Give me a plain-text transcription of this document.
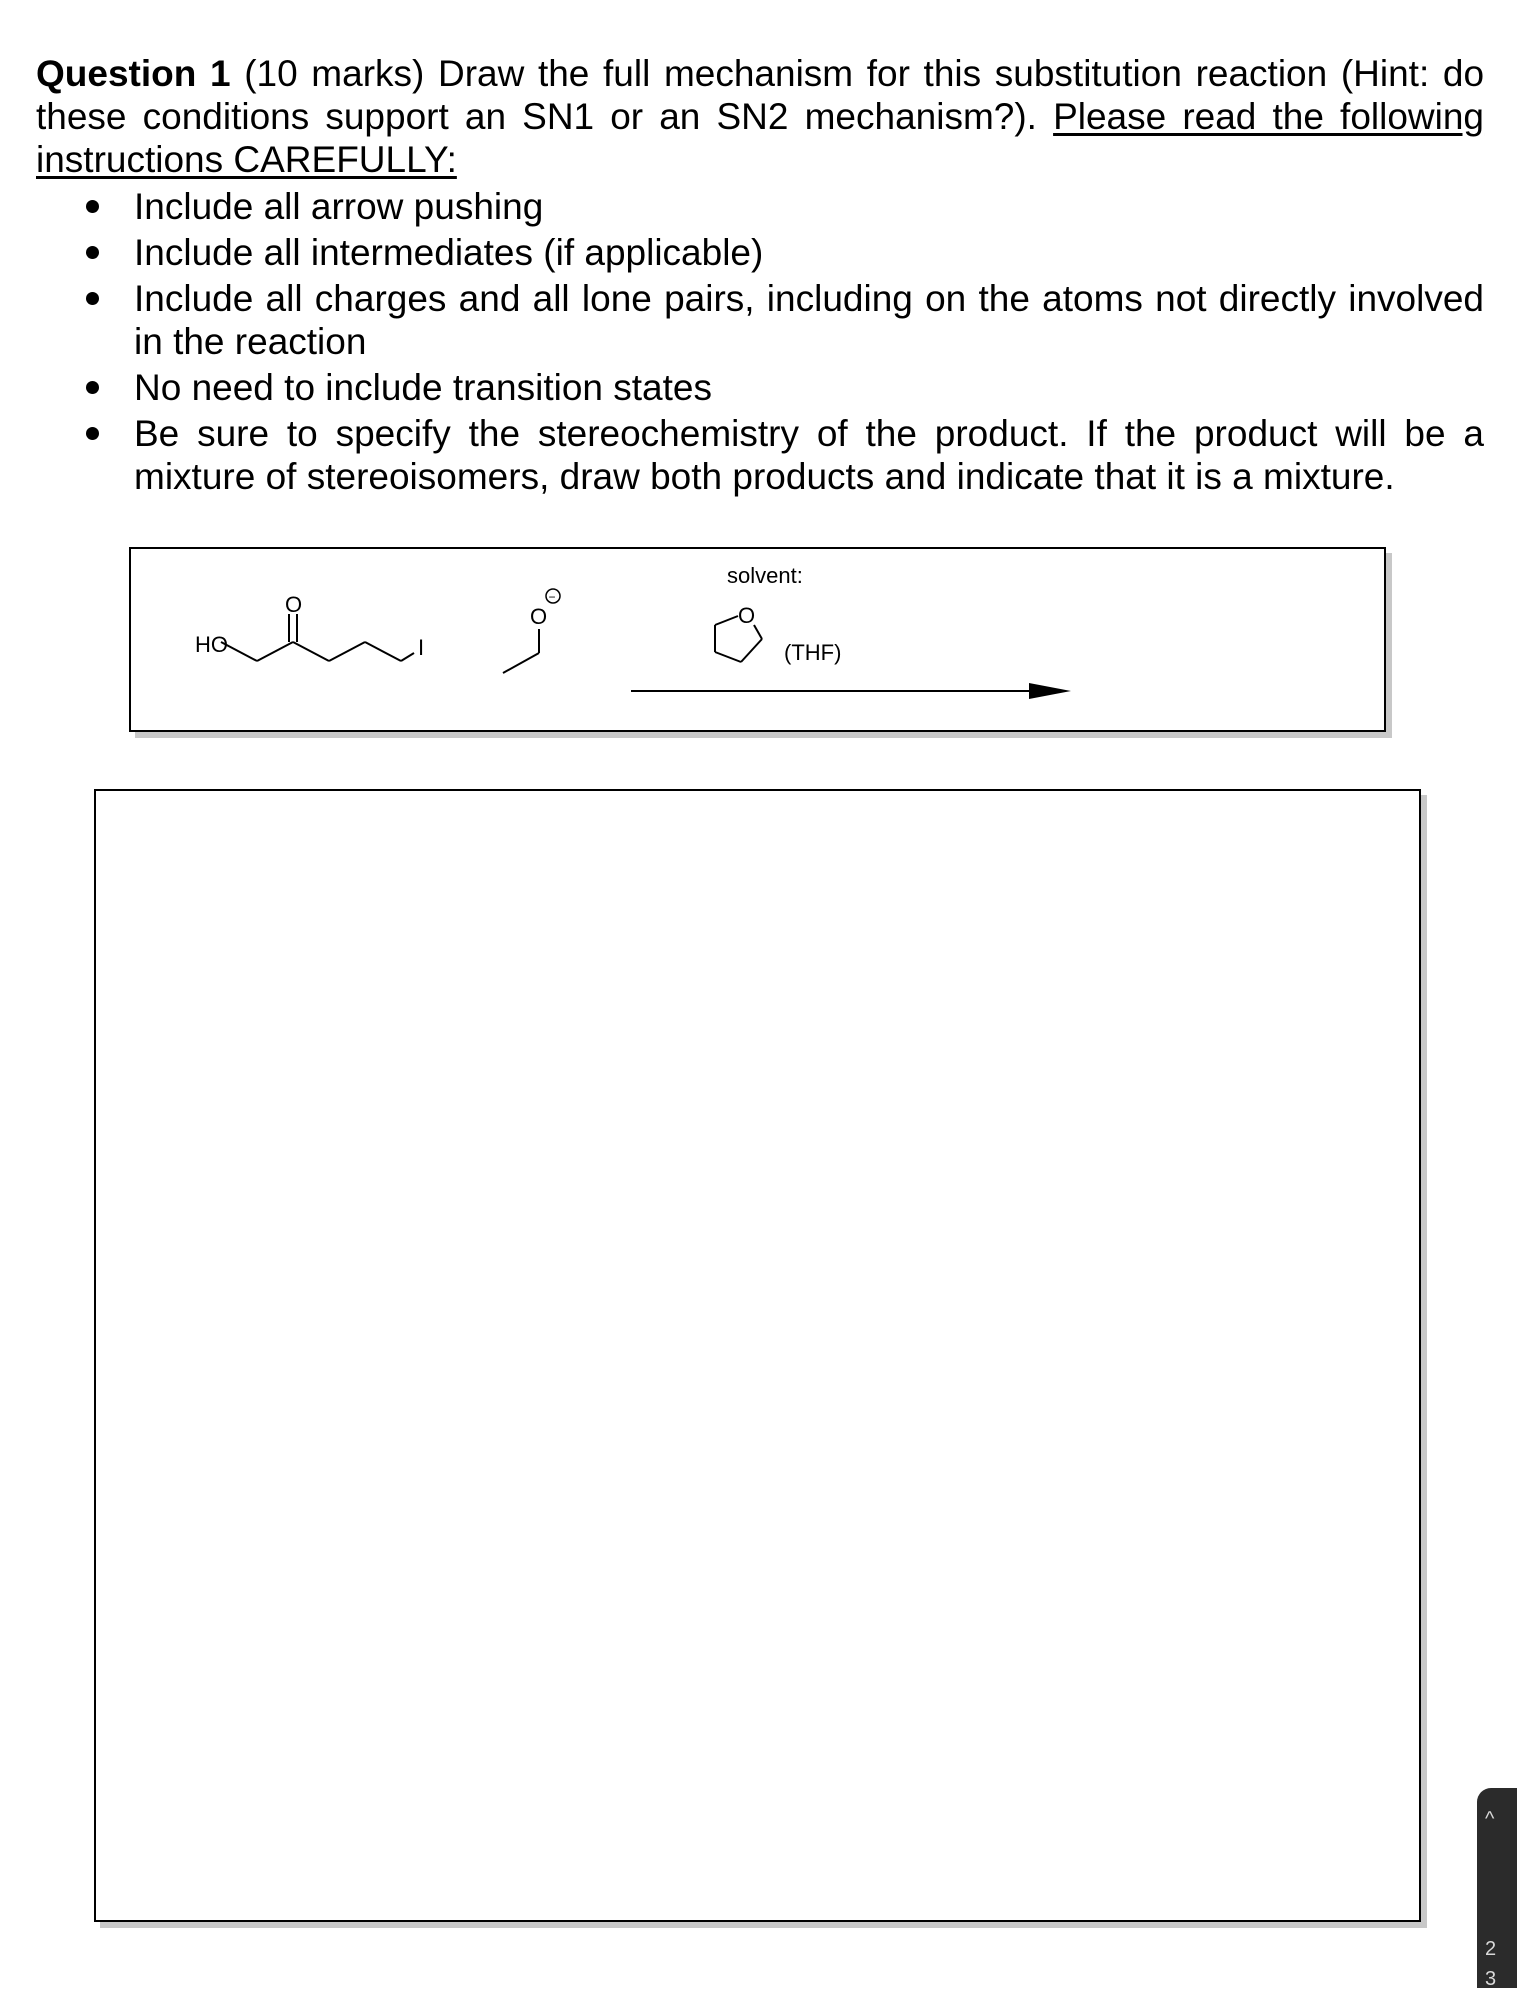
Question 1 (10 marks) Draw the full mechanism for this substitution reaction (Hint: do these conditions support an SN1 or an SN2 mechanism?). Please read the following instructions CAREFULLY:
Include all arrow pushing
Include all intermediates (if applicable)
Include all charges and all lone pairs, including on the atoms not directly involved in the reaction
No need to include transition states
Be sure to specify the stereochemistry of the product. If the product will be a mixture of stereoisomers, draw both products and indicate that it is a mixture.
HO
O
I
O
−
solvent:
O
(THF)
^
2
3
